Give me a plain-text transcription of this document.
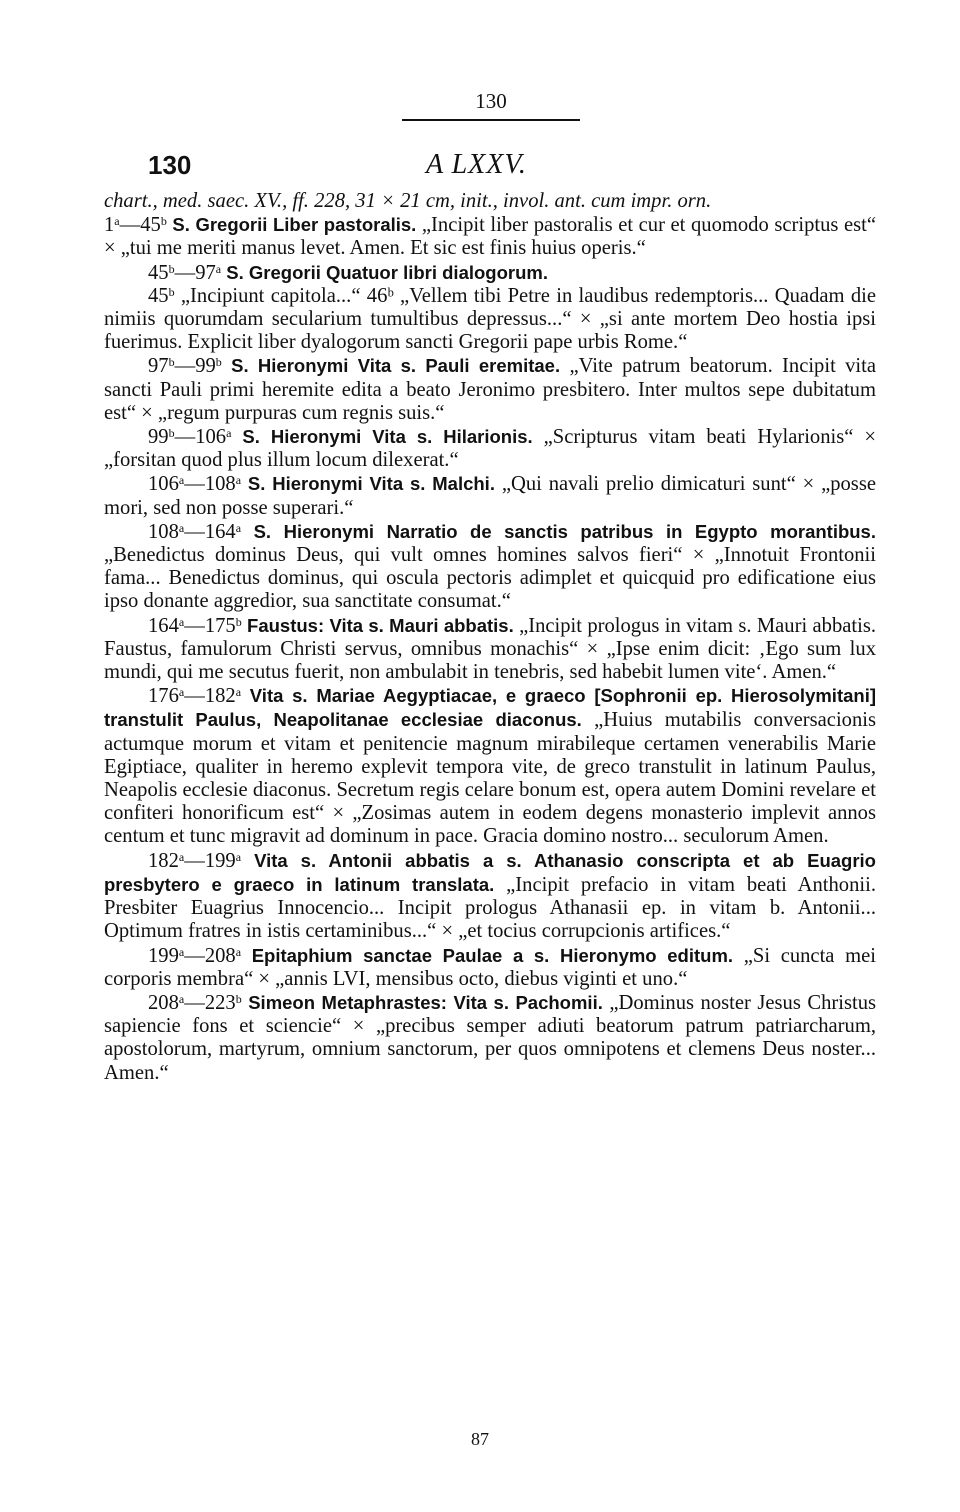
130
130	A LXXV.

chart., med. saec. XV., ff. 228, 31 × 21 cm, init., invol. ant. cum impr. orn.

1$^a$—45$^b$ S. Gregorii Liber pastoralis. „Incipit liber pastoralis et cur et quomodo scriptus est“ × „tui me meriti manus levet. Amen. Et sic est finis huius operis.“

45$^b$—97$^a$ S. Gregorii Quatuor libri dialogorum.

45$^b$ „Incipiunt capitola...“ 46ᵇ „Vellem tibi Petre in laudibus redemptoris... Quadam die nimiis quorumdam secularium tumultibus depressus...“ × „si ante mortem Deo hostia ipsi fuerimus. Explicit liber dyalogorum sancti Gregorii pape urbis Rome.“

97$^b$—99$^b$ S. Hieronymi Vita s. Pauli eremitae. „Vite patrum beatorum. Incipit vita sancti Pauli primi heremite edita a beato Jeronimo presbitero. Inter multos sepe dubitatum est“ × „regum purpuras cum regnis suis.“

99$^b$—106$^a$ S. Hieronymi Vita s. Hilarionis. „Scripturus vitam beati Hylarionis“ × „forsitan quod plus illum locum dilexerat.“

106$^a$—108$^a$ S. Hieronymi Vita s. Malchi. „Qui navali prelio dimicaturi sunt“ × „posse mori, sed non posse superari.“

108$^a$—164$^a$ S. Hieronymi Narratio de sanctis patribus in Egypto morantibus. „Benedictus dominus Deus, qui vult omnes homines salvos fieri“ × „Innotuit Frontonii fama... Benedictus dominus, qui oscula pectoris adimplet et quicquid pro edificatione eius ipso donante aggredior, sua sanctitate consumat.“

164$^a$—175$^b$ Faustus: Vita s. Mauri abbatis. „Incipit prologus in vitam s. Mauri abbatis. Faustus, famulorum Christi servus, omnibus monachis“ × „Ipse enim dicit: ‚Ego sum lux mundi, qui me secutus fuerit, non ambulabit in tenebris, sed habebit lumen vite‘. Amen.“

176$^a$—182$^a$ Vita s. Mariae Aegyptiacae, e graeco [Sophronii ep. Hierosolymitani] transtulit Paulus, Neapolitanae ecclesiae diaconus. „Huius mutabilis conversacionis actumque morum et vitam et penitencie magnum mirabileque certamen venerabilis Marie Egiptiace, qualiter in heremo explevit tempora vite, de greco transtulit in latinum Paulus, Neapolis ecclesie diaconus. Secretum regis celare bonum est, opera autem Domini revelare et confiteri honorificum est“ × „Zosimas autem in eodem degens monasterio implevit annos centum et tunc migravit ad dominum in pace. Gracia domino nostro... seculorum Amen.

182$^a$—199$^a$ Vita s. Antonii abbatis a s. Athanasio conscripta et ab Euagrio presbytero e graeco in latinum translata. „Incipit prefacio in vitam beati Anthonii. Presbiter Euagrius Innocencio... Incipit prologus Athanasii ep. in vitam b. Antonii... Optimum fratres in istis certaminibus...“ × „et tocius corrupcionis artifices.“

199$^a$—208$^a$ Epitaphium sanctae Paulae a s. Hieronymo editum. „Si cuncta mei corporis membra“ × „annis LVI, mensibus octo, diebus viginti et uno.“

208$^a$—223$^b$ Simeon Metaphrastes: Vita s. Pachomii. „Dominus noster Jesus Christus sapiencie fons et sciencie“ × „precibus semper adiuti beatorum patrum patriarcharum, apostolorum, martyrum, omnium sanctorum, per quos omnipotens et clemens Deus noster... Amen.“

87
